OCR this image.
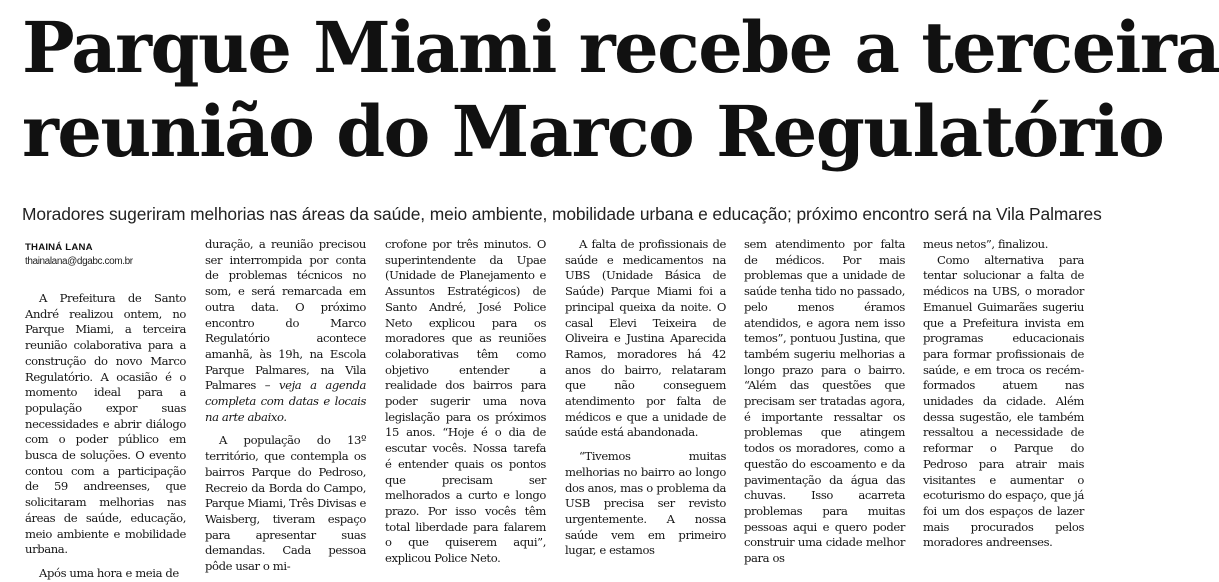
Parque Miami recebe a terceira
reunião do Marco Regulatório
Moradores sugeriram melhorias nas áreas da saúde, meio ambiente, mobilidade urbana e educação; próximo encontro será na Vila Palmares
THAINÁ LANA
thainalana@dgabc.com.br

A Prefeitura de Santo André realizou ontem, no Parque Miami, a terceira reunião colaborativa para a construção do novo Marco Regulatório. A ocasião é o momento ideal para a população expor suas necessidades e abrir diálogo com o poder público em busca de soluções. O evento contou com a participação de 59 andreenses, que solicitaram melhorias nas áreas de saúde, educação, meio ambiente e mobilidade urbana.

Após uma hora e meia de

duração, a reunião precisou ser interrompida por conta de problemas técnicos no som, e será remarcada em outra data. O próximo encontro do Marco Regulatório acontece amanhã, às 19h, na Escola Parque Palmares, na Vila Palmares – veja a agenda completa com datas e locais na arte abaixo.

A população do 13º território, que contempla os bairros Parque do Pedroso, Recreio da Borda do Campo, Parque Miami, Três Divisas e Waisberg, tiveram espaço para apresentar suas demandas. Cada pessoa pôde usar o mi-

crofone por três minutos. O superintendente da Upae (Unidade de Planejamento e Assuntos Estratégicos) de Santo André, José Police Neto explicou para os moradores que as reuniões colaborativas têm como objetivo entender a realidade dos bairros para poder sugerir uma nova legislação para os próximos 15 anos. “Hoje é o dia de escutar vocês. Nossa tarefa é entender quais os pontos que precisam ser melhorados a curto e longo prazo. Por isso vocês têm total liberdade para falarem o que quiserem aqui”, explicou Police Neto.

A falta de profissionais de saúde e medicamentos na UBS (Unidade Básica de Saúde) Parque Miami foi a principal queixa da noite. O casal Elevi Teixeira de Oliveira e Justina Aparecida Ramos, moradores há 42 anos do bairro, relataram que não conseguem atendimento por falta de médicos e que a unidade de saúde está abandonada.

“Tivemos muitas melhorias no bairro ao longo dos anos, mas o problema da USB precisa ser revisto urgentemente. A nossa saúde vem em primeiro lugar, e estamos

sem atendimento por falta de médicos. Por mais problemas que a unidade de saúde tenha tido no passado, pelo menos éramos atendidos, e agora nem isso temos”, pontuou Justina, que também sugeriu melhorias a longo prazo para o bairro. “Além das questões que precisam ser tratadas agora, é importante ressaltar os problemas que atingem todos os moradores, como a questão do escoamento e da pavimentação da água das chuvas. Isso acarreta problemas para muitas pessoas aqui e quero poder construir uma cidade melhor para os

meus netos”, finalizou.

Como alternativa para tentar solucionar a falta de médicos na UBS, o morador Emanuel Guimarães sugeriu que a Prefeitura invista em programas educacionais para formar profissionais de saúde, e em troca os recém-formados atuem nas unidades da cidade. Além dessa sugestão, ele também ressaltou a necessidade de reformar o Parque do Pedroso para atrair mais visitantes e aumentar o ecoturismo do espaço, que já foi um dos espaços de lazer mais procurados pelos moradores andreenses.
